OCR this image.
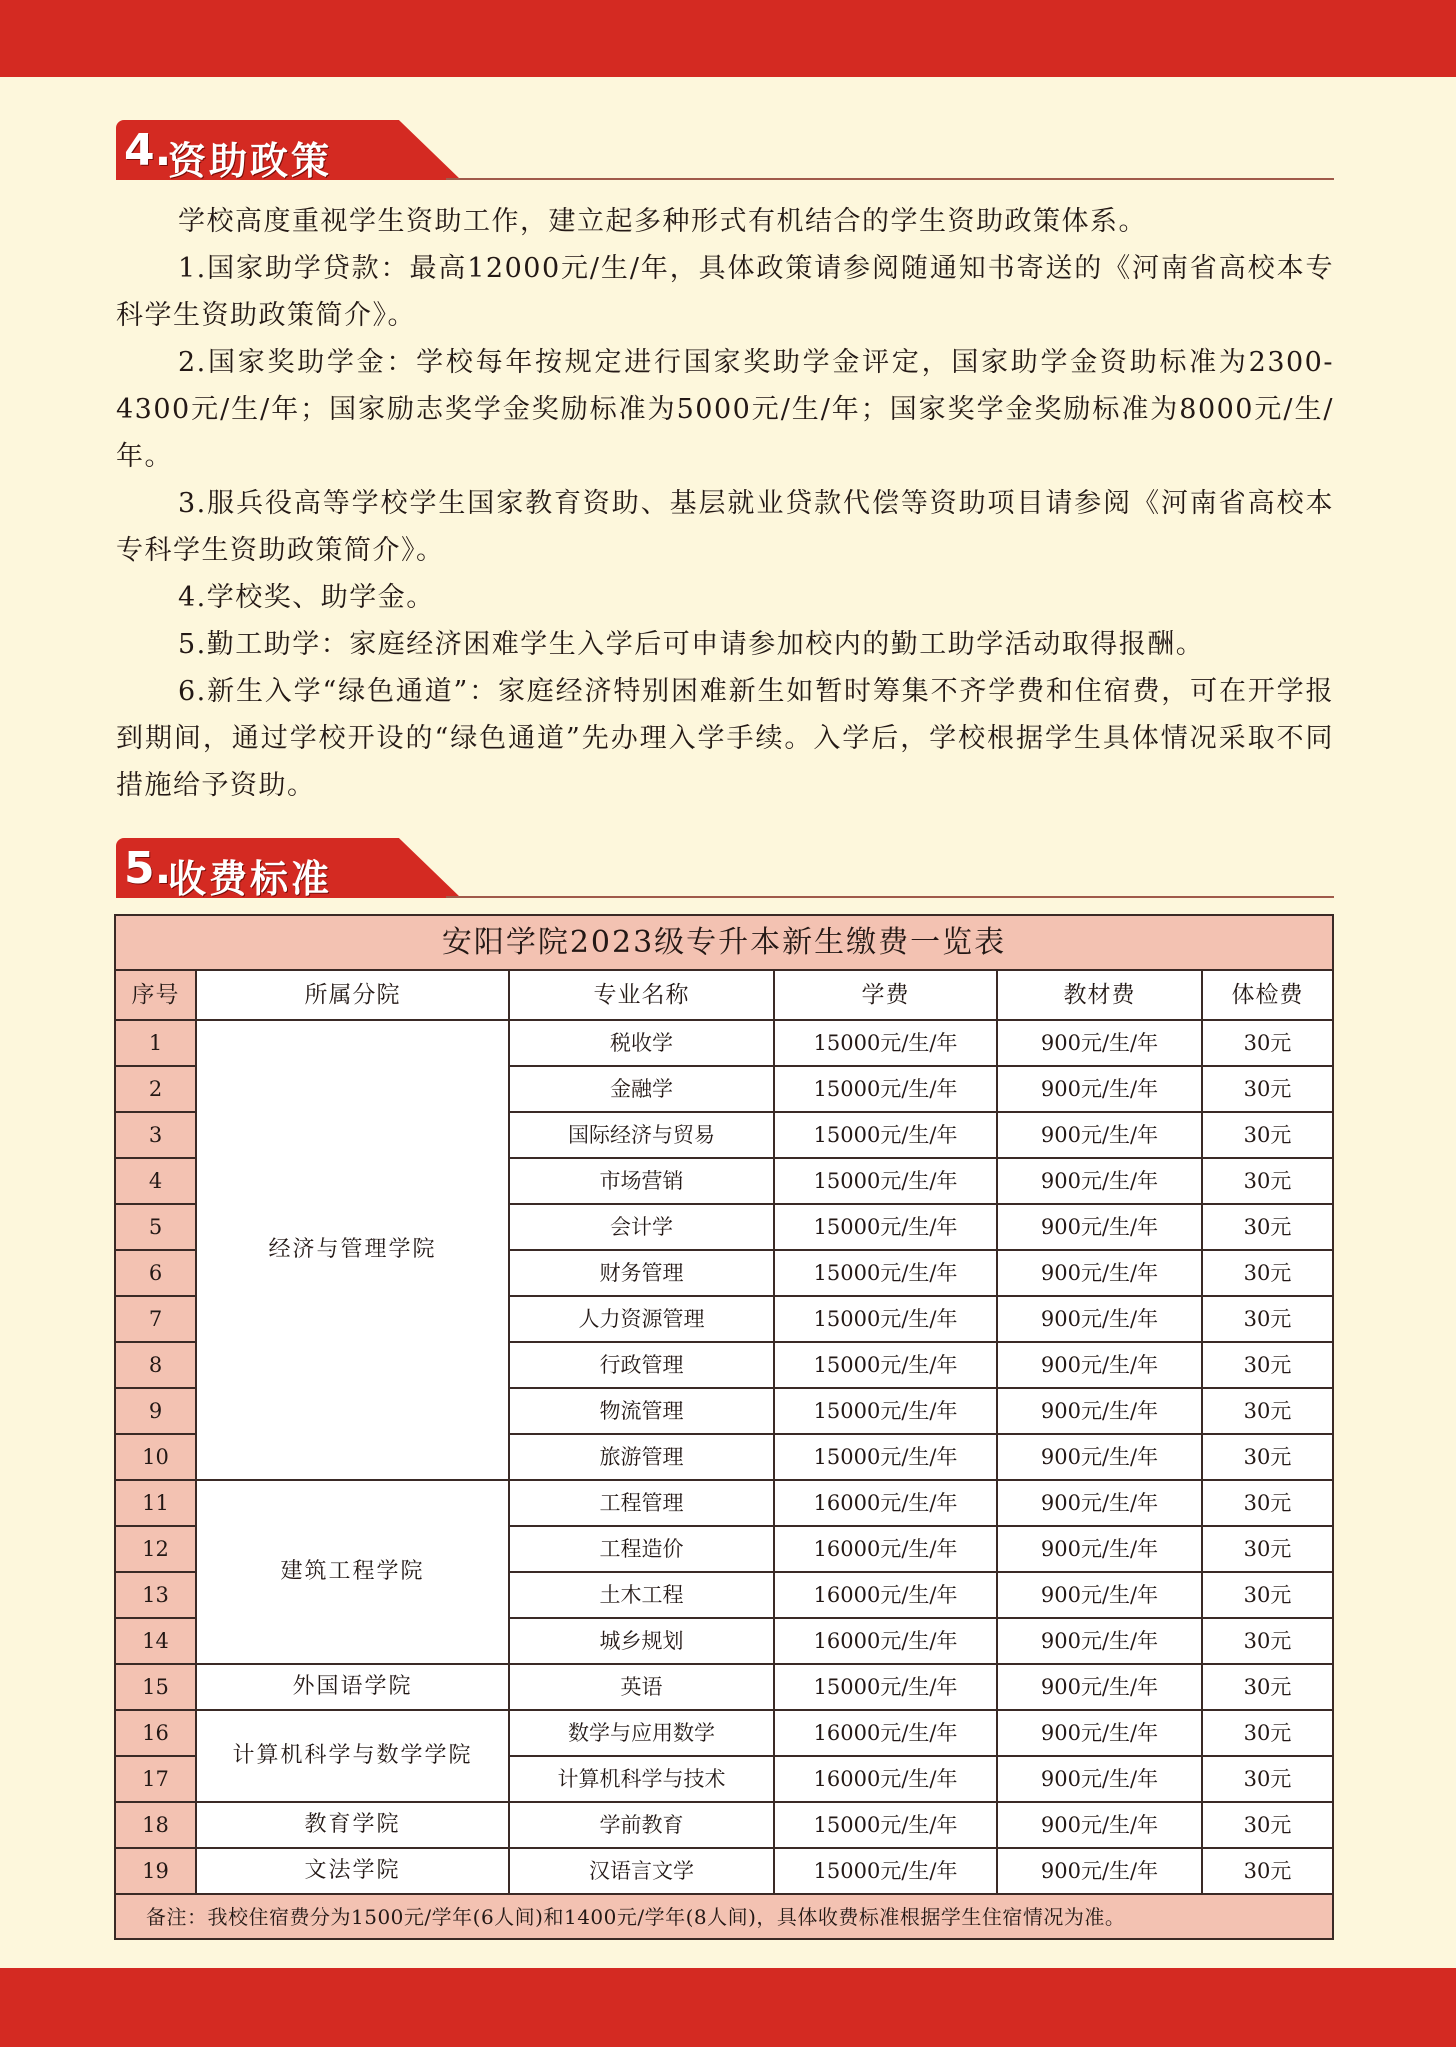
4.
资助政策

学校高度重视学生资助工作，建立起多种形式有机结合的学生资助政策体系。

1.国家助学贷款：最高12000元/生/年，具体政策请参阅随通知书寄送的《河南省高校本专科学生资助政策简介》。

2.国家奖助学金：学校每年按规定进行国家奖助学金评定，国家助学金资助标准为2300-4300元/生/年；国家励志奖学金奖励标准为5000元/生/年；国家奖学金奖励标准为8000元/生/年。

3.服兵役高等学校学生国家教育资助、基层就业贷款代偿等资助项目请参阅《河南省高校本专科学生资助政策简介》。

4.学校奖、助学金。

5.勤工助学：家庭经济困难学生入学后可申请参加校内的勤工助学活动取得报酬。

6.新生入学“绿色通道”：家庭经济特别困难新生如暂时筹集不齐学费和住宿费，可在开学报到期间，通过学校开设的“绿色通道”先办理入学手续。入学后，学校根据学生具体情况采取不同措施给予资助。

5.
收费标准
安阳学院2023级专升本新生缴费一览表					
序号	所属分院	专业名称	学费	教材费	体检费
1	经济与管理学院	税收学	15000元/生/年	900元/生/年	30元
2		金融学	15000元/生/年	900元/生/年	30元
3		国际经济与贸易	15000元/生/年	900元/生/年	30元
4		市场营销	15000元/生/年	900元/生/年	30元
5		会计学	15000元/生/年	900元/生/年	30元
6		财务管理	15000元/生/年	900元/生/年	30元
7		人力资源管理	15000元/生/年	900元/生/年	30元
8		行政管理	15000元/生/年	900元/生/年	30元
9		物流管理	15000元/生/年	900元/生/年	30元
10		旅游管理	15000元/生/年	900元/生/年	30元
11	建筑工程学院	工程管理	16000元/生/年	900元/生/年	30元
12		工程造价	16000元/生/年	900元/生/年	30元
13		土木工程	16000元/生/年	900元/生/年	30元
14		城乡规划	16000元/生/年	900元/生/年	30元
15	外国语学院	英语	15000元/生/年	900元/生/年	30元
16	计算机科学与数学学院	数学与应用数学	16000元/生/年	900元/生/年	30元
17		计算机科学与技术	16000元/生/年	900元/生/年	30元
18	教育学院	学前教育	15000元/生/年	900元/生/年	30元
19	文法学院	汉语言文学	15000元/生/年	900元/生/年	30元
备注：我校住宿费分为1500元/学年(6人间)和1400元/学年(8人间)，具体收费标准根据学生住宿情况为准。					
